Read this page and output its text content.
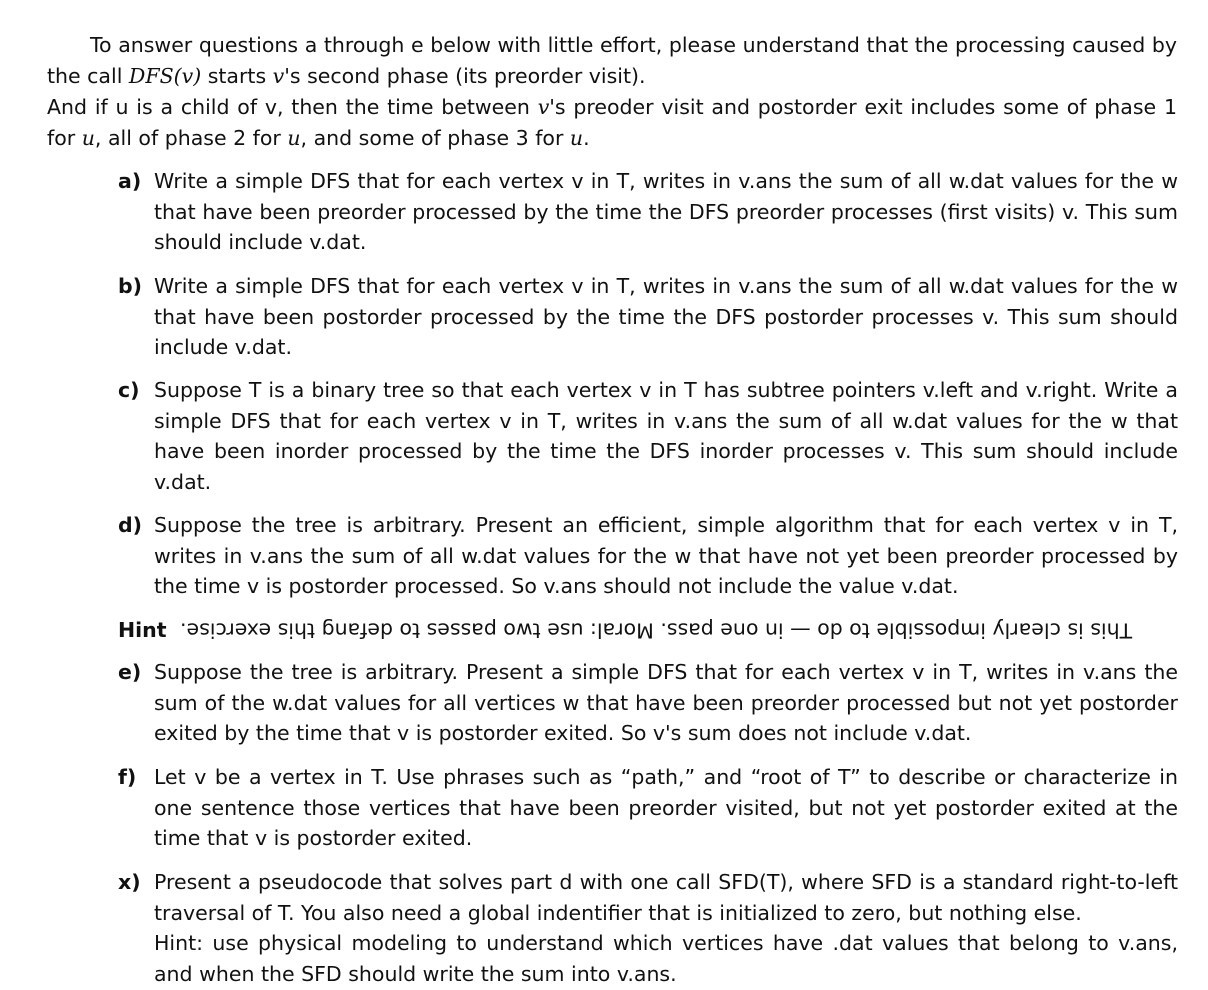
To answer questions a through e below with little effort, please understand that the processing caused by the call DFS(v) starts v's second phase (its preorder visit).
And if u is a child of v, then the time between v's preoder visit and postorder exit includes some of phase 1 for u, all of phase 2 for u, and some of phase 3 for u.
a) Write a simple DFS that for each vertex v in T, writes in v.ans the sum of all w.dat values for the w that have been preorder processed by the time the DFS preorder processes (first visits) v. This sum should include v.dat.
b) Write a simple DFS that for each vertex v in T, writes in v.ans the sum of all w.dat values for the w that have been postorder processed by the time the DFS postorder processes v. This sum should include v.dat.
c) Suppose T is a binary tree so that each vertex v in T has subtree pointers v.left and v.right. Write a simple DFS that for each vertex v in T, writes in v.ans the sum of all w.dat values for the w that have been inorder processed by the time the DFS inorder processes v. This sum should include v.dat.
d) Suppose the tree is arbitrary. Present an efficient, simple algorithm that for each vertex v in T, writes in v.ans the sum of all w.dat values for the w that have not yet been preorder processed by the time v is postorder processed. So v.ans should not include the value v.dat.
Hint This is clearly impossible to do — in one pass. Moral: use two passes to defang this exercise.
e) Suppose the tree is arbitrary. Present a simple DFS that for each vertex v in T, writes in v.ans the sum of the w.dat values for all vertices w that have been preorder processed but not yet postorder exited by the time that v is postorder exited. So v's sum does not include v.dat.
f) Let v be a vertex in T. Use phrases such as “path,” and “root of T” to describe or characterize in one sentence those vertices that have been preorder visited, but not yet postorder exited at the time that v is postorder exited.
x) Present a pseudocode that solves part d with one call SFD(T), where SFD is a standard right-to-left traversal of T. You also need a global indentifier that is initialized to zero, but nothing else.
Hint: use physical modeling to understand which vertices have .dat values that belong to v.ans, and when the SFD should write the sum into v.ans.
